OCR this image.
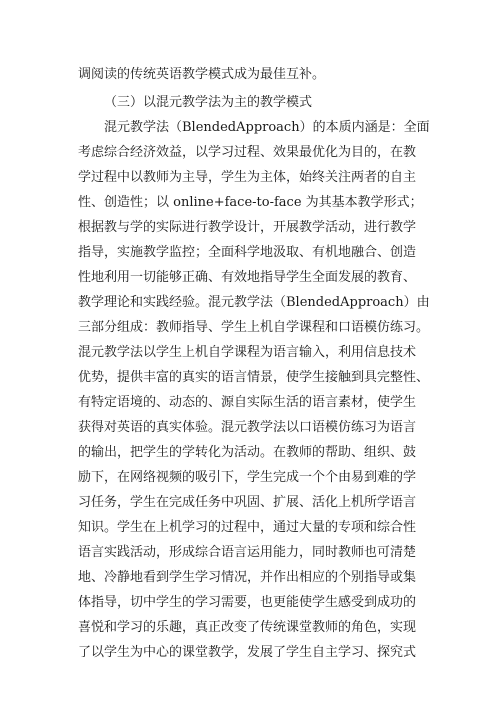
调阅读的传统英语教学模式成为最佳互补。
（三）以混元教学法为主的教学模式
混元教学法（BlendedApproach）的本质内涵是：全面
考虑综合经济效益，以学习过程、效果最优化为目的，在教
学过程中以教师为主导，学生为主体，始终关注两者的自主
性、创造性；以 online+face-to-face 为其基本教学形式；
根据教与学的实际进行教学设计，开展教学活动，进行教学
指导，实施教学监控；全面科学地汲取、有机地融合、创造
性地利用一切能够正确、有效地指导学生全面发展的教育、
教学理论和实践经验。混元教学法（BlendedApproach）由
三部分组成：教师指导、学生上机自学课程和口语模仿练习。
混元教学法以学生上机自学课程为语言输入，利用信息技术
优势，提供丰富的真实的语言情景，使学生接触到具完整性、
有特定语境的、动态的、源自实际生活的语言素材，使学生
获得对英语的真实体验。混元教学法以口语模仿练习为语言
的输出，把学生的学转化为活动。在教师的帮助、组织、鼓
励下，在网络视频的吸引下，学生完成一个个由易到难的学
习任务，学生在完成任务中巩固、扩展、活化上机所学语言
知识。学生在上机学习的过程中，通过大量的专项和综合性
语言实践活动，形成综合语言运用能力，同时教师也可清楚
地、冷静地看到学生学习情况，并作出相应的个别指导或集
体指导，切中学生的学习需要，也更能使学生感受到成功的
喜悦和学习的乐趣，真正改变了传统课堂教师的角色，实现
了以学生为中心的课堂教学，发展了学生自主学习、探究式
